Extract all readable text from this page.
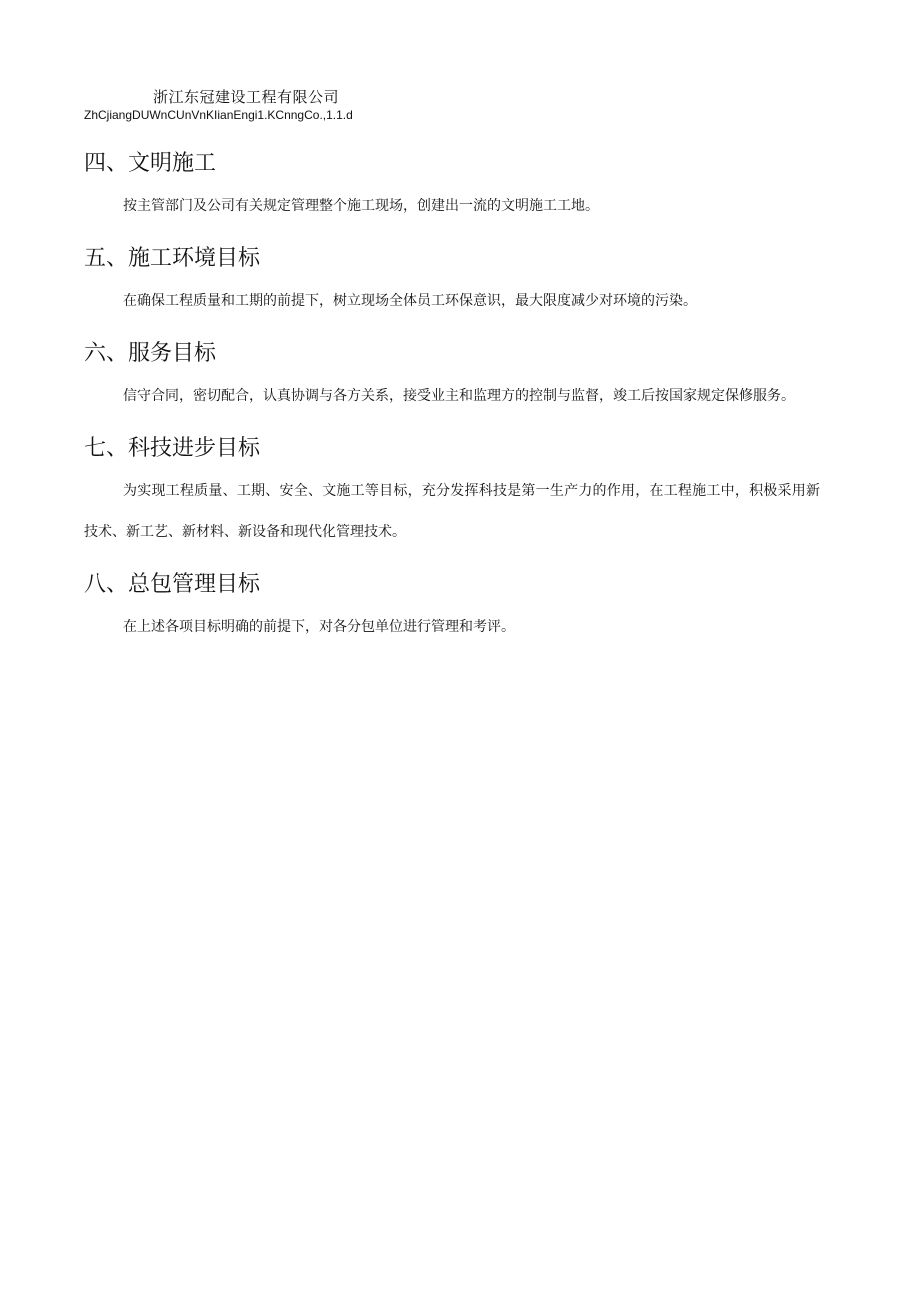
浙江东冠建设工程有限公司
ZhCjiangDUWnCUnVnKIianEngi1.KCnngCo.,1.1.d
四、文明施工

按主管部门及公司有关规定管理整个施工现场，创建出一流的文明施工工地。

五、施工环境目标

在确保工程质量和工期的前提下，树立现场全体员工环保意识，最大限度减少对环境的污染。

六、服务目标

信守合同，密切配合，认真协调与各方关系，接受业主和监理方的控制与监督，竣工后按国家规定保修服务。

七、科技进步目标

为实现工程质量、工期、安全、文施工等目标，充分发挥科技是第一生产力的作用，在工程施工中，积极采用新技术、新工艺、新材料、新设备和现代化管理技术。

八、总包管理目标

在上述各项目标明确的前提下，对各分包单位进行管理和考评。
